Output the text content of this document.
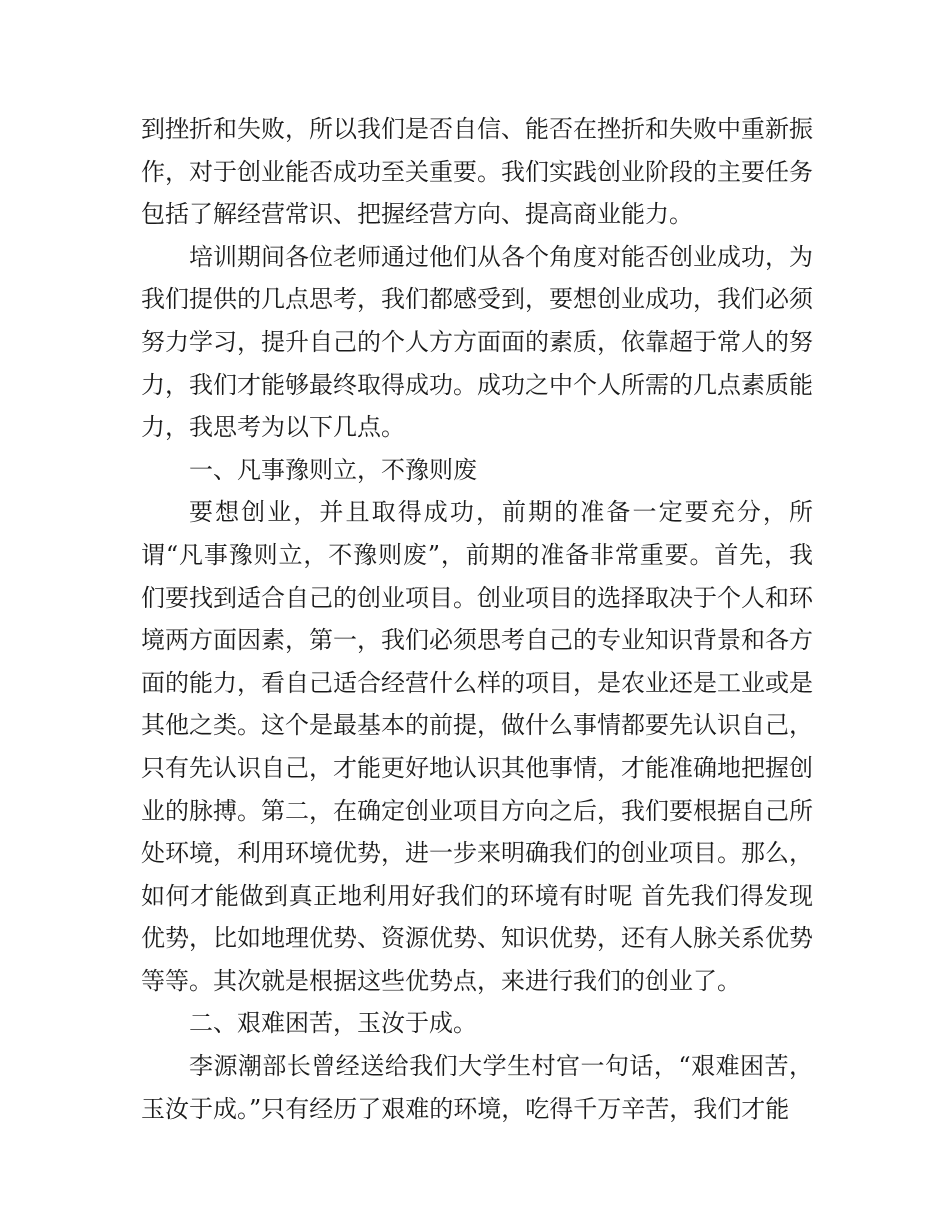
到挫折和失败，所以我们是否自信、能否在挫折和失败中重新振作，对于创业能否成功至关重要。我们实践创业阶段的主要任务包括了解经营常识、把握经营方向、提高商业能力。

培训期间各位老师通过他们从各个角度对能否创业成功，为我们提供的几点思考，我们都感受到，要想创业成功，我们必须努力学习，提升自己的个人方方面面的素质，依靠超于常人的努力，我们才能够最终取得成功。成功之中个人所需的几点素质能力，我思考为以下几点。

一、凡事豫则立，不豫则废

要想创业，并且取得成功，前期的准备一定要充分，所谓“凡事豫则立，不豫则废”，前期的准备非常重要。首先，我们要找到适合自己的创业项目。创业项目的选择取决于个人和环境两方面因素，第一，我们必须思考自己的专业知识背景和各方面的能力，看自己适合经营什么样的项目，是农业还是工业或是其他之类。这个是最基本的前提，做什么事情都要先认识自己，只有先认识自己，才能更好地认识其他事情，才能准确地把握创业的脉搏。第二，在确定创业项目方向之后，我们要根据自己所处环境，利用环境优势，进一步来明确我们的创业项目。那么，如何才能做到真正地利用好我们的环境有时呢 首先我们得发现优势，比如地理优势、资源优势、知识优势，还有人脉关系优势等等。其次就是根据这些优势点，来进行我们的创业了。

二、艰难困苦，玉汝于成。

李源潮部长曾经送给我们大学生村官一句话，“艰难困苦，玉汝于成。”只有经历了艰难的环境，吃得千万辛苦，我们才能
